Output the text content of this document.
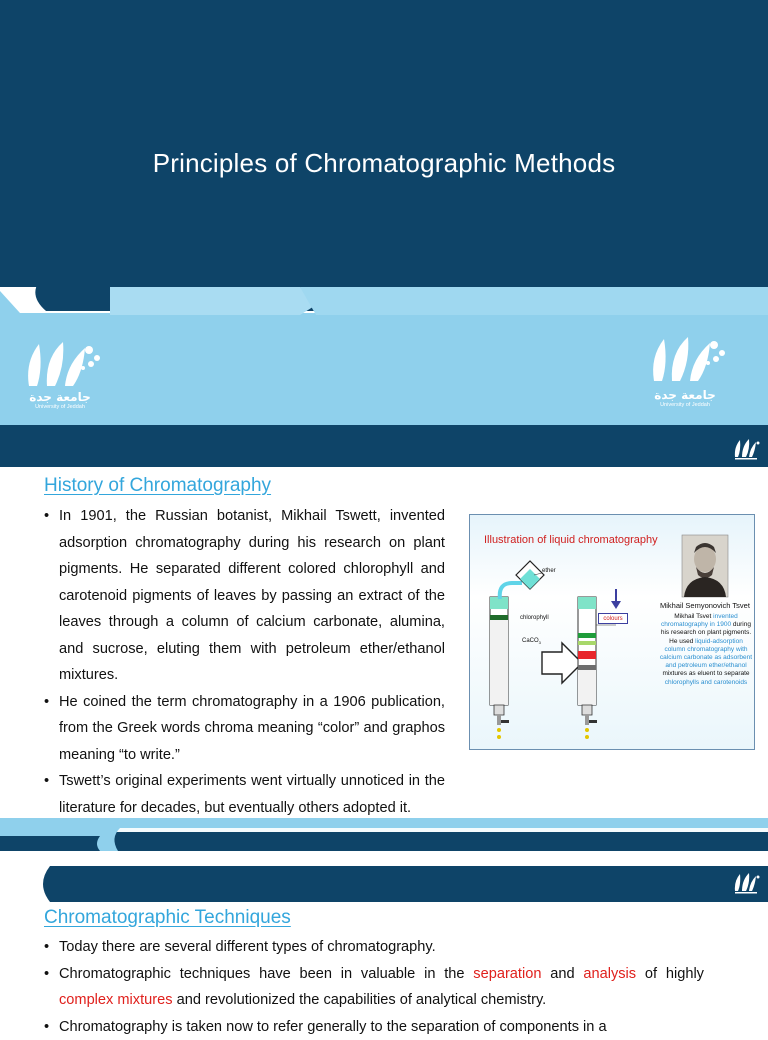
Principles of Chromatographic Methods
جامعة جدة
University of Jeddah
جامعة جدة
University of Jeddah
History of Chromatography
• In 1901, the Russian botanist, Mikhail Tswett, invented adsorption chromatography during his research on plant pigments. He separated different colored chlorophyll and carotenoid pigments of leaves by passing an extract of the leaves through a column of calcium carbonate, alumina, and sucrose, eluting them with petroleum ether/ethanol mixtures.
• He coined the term chromatography in a 1906 publication, from the Greek words chroma meaning “color” and graphos meaning “to write.”
• Tswett’s original experiments went virtually unnoticed in the literature for decades, but eventually others adopted it.
Illustration of liquid chromatography
ether
chlorophyll
CaCO$_3$
colours
Mikhail Semyonovich Tsvet
Mikhail Tsvet invented chromatography in 1900 during his research on plant pigments. He used liquid-adsorption column chromatography with calcium carbonate as adsorbent and petroleum ether/ethanol mixtures as eluent to separate chlorophylls and carotenoids
Chromatographic Techniques
• Today there are several different types of chromatography.
• Chromatographic techniques have been in valuable in the separation and analysis of highly complex mixtures and revolutionized the capabilities of analytical chemistry.
• Chromatography is taken now to refer generally to the separation of components in a
